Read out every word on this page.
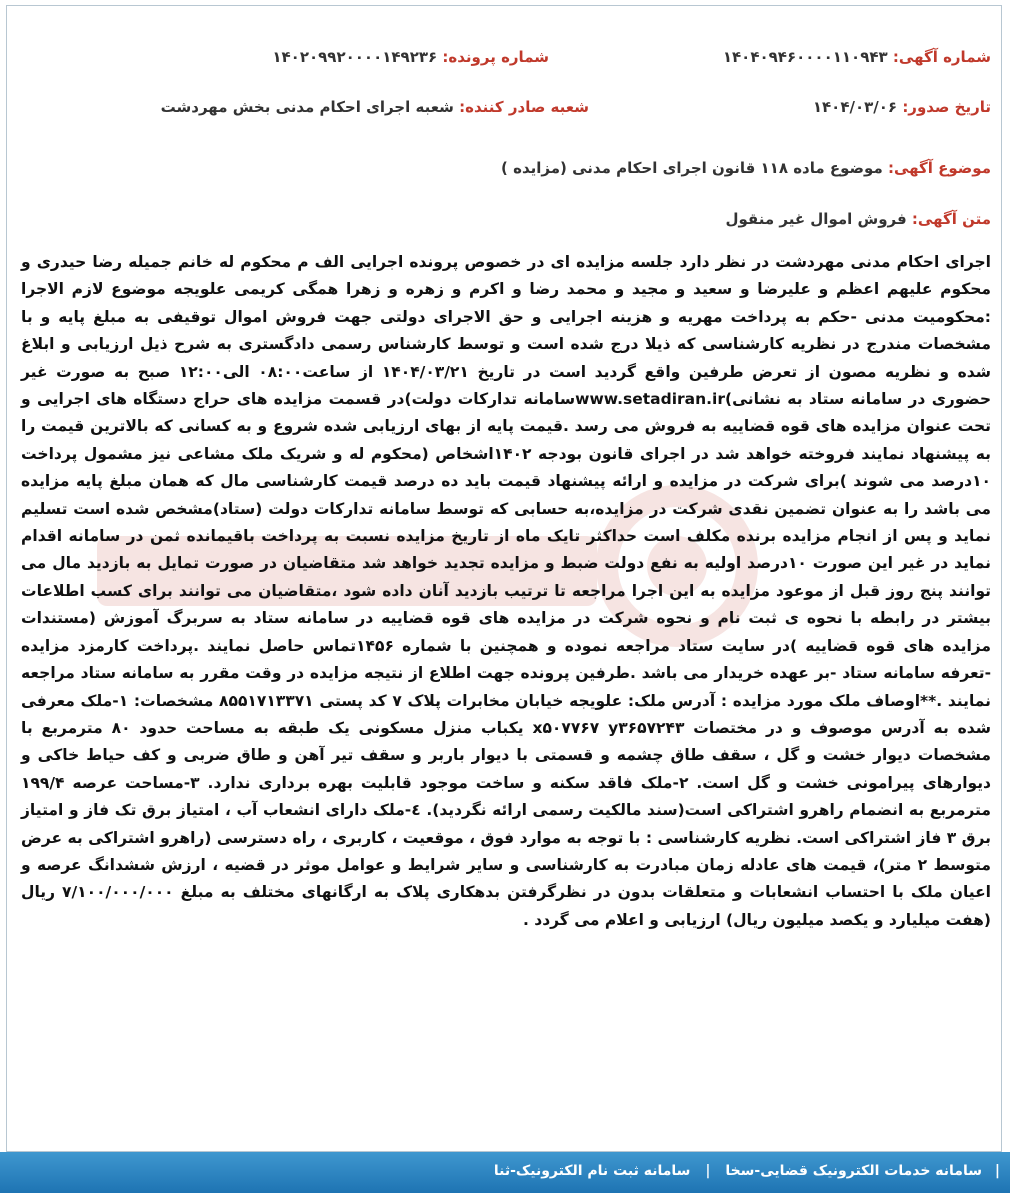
شماره آگهی: ۱۴۰۴۰۹۴۶۰۰۰۰۱۱۰۹۴۳
شماره پرونده: ۱۴۰۲۰۹۹۲۰۰۰۰۱۴۹۲۳۶
تاریخ صدور: ۱۴۰۴/۰۳/۰۶
شعبه صادر کننده: شعبه اجرای احکام مدنی بخش مهردشت
موضوع آگهی: موضوع ماده ۱۱۸ قانون اجرای احکام مدنی (مزایده )
متن آگهی: فروش اموال غیر منقول
اجرای احکام مدنی مهردشت در نظر دارد جلسه مزایده ای در خصوص پرونده اجرایی الف م محکوم له خانم جمیله رضا حیدری و محکوم علیهم اعظم و علیرضا و سعید و مجید و محمد رضا و اکرم و زهره و زهرا همگی کریمی علویجه موضوع لازم الاجرا :محکومیت مدنی -حکم به پرداخت مهریه و هزینه اجرایی و حق الاجرای دولتی جهت فروش اموال توقیفی به مبلغ پایه و با مشخصات مندرج در نظریه کارشناسی که ذیلا درج شده است و توسط کارشناس رسمی دادگستری به شرح ذیل ارزیابی و ابلاغ شده و نظریه مصون از تعرض طرفین واقع گردید است در تاریخ ۱۴۰۴/۰۳/۲۱ از ساعت۰۸:۰۰ الی۱۲:۰۰ صبح به صورت غیر حضوری در سامانه ستاد به نشانی)www.setadiran.irسامانه تدارکات دولت)در قسمت مزایده های حراج دستگاه های اجرایی و تحت عنوان مزایده های قوه قضاییه به فروش می رسد .قیمت پایه از بهای ارزیابی شده شروع و به کسانی که بالاترین قیمت را به پیشنهاد نمایند فروخته خواهد شد در اجرای قانون بودجه ۱۴۰۲اشخاص (محکوم له و شریک ملک مشاعی نیز مشمول پرداخت ۱۰درصد می شوند )برای شرکت در مزایده و ارائه پیشنهاد قیمت باید ده درصد قیمت کارشناسی مال که همان مبلغ پایه مزایده می باشد را به عنوان تضمین نقدی شرکت در مزایده،به حسابی که توسط سامانه تدارکات دولت (ستاد)مشخص شده است تسلیم نماید و پس از انجام مزایده برنده مکلف است حداکثر تایک ماه از تاریخ مزایده نسبت به پرداخت باقیمانده ثمن در سامانه اقدام نماید در غیر این صورت ۱۰درصد اولیه به نفع دولت ضبط و مزایده تجدید خواهد شد متقاضیان در صورت تمایل به بازدید مال می توانند پنج روز قبل از موعود مزایده به این اجرا مراجعه تا ترتیب بازدید آنان داده شود ،متقاضیان می توانند برای کسب اطلاعات بیشتر در رابطه با نحوه ی ثبت نام و نحوه شرکت در مزایده های قوه قضاییه در سامانه ستاد به سربرگ آموزش (مستندات مزایده های قوه قضاییه )در سایت ستاد مراجعه نموده و همچنین با شماره ۱۴۵۶تماس حاصل نمایند .پرداخت کارمزد مزایده -تعرفه سامانه ستاد -بر عهده خریدار می باشد .طرفین پرونده جهت اطلاع از نتیجه مزایده در وقت مقرر به سامانه ستاد مراجعه نمایند .**اوصاف ملک مورد مزایده : آدرس ملک: علویجه خیابان مخابرات پلاک ۷ کد پستی ۸۵۵۱۷۱۳۳۷۱ مشخصات: ۱-ملک معرفی شده به آدرس موصوف و در مختصات x۵۰۷۷۶۷ y۳۶۵۷۲۴۳ یکباب منزل مسکونی یک طبقه به مساحت حدود ۸۰ مترمربع با مشخصات دیوار خشت و گل ، سقف طاق چشمه و قسمتی با دیوار باربر و سقف تیر آهن و طاق ضربی و کف حیاط خاکی و دیوارهای پیرامونی خشت و گل است. ۲-ملک فاقد سکنه و ساخت موجود قابلیت بهره برداری ندارد. ۳-مساحت عرصه ۱۹۹/۴ مترمربع به انضمام راهرو اشتراکی است(سند مالکیت رسمی ارائه نگردید). ٤-ملک دارای انشعاب آب ، امتیاز برق تک فاز و امتیاز برق ۳ فاز اشتراکی است. نظریه کارشناسی : با توجه به موارد فوق ، موقعیت ، کاربری ، راه دسترسی (راهرو اشتراکی به عرض متوسط ۲ متر)، قیمت های عادله زمان مبادرت به کارشناسی و سایر شرایط و عوامل موثر در قضیه ، ارزش ششدانگ عرصه و اعیان ملک با احتساب انشعابات و متعلقات بدون در نظرگرفتن بدهکاری پلاک به ارگانهای مختلف به مبلغ ۷/۱۰۰/۰۰۰/۰۰۰ ریال (هفت میلیارد و یکصد میلیون ریال) ارزیابی و اعلام می گردد .
| سامانه خدمات الکترونیک قضایی-سخا | سامانه ثبت نام الکترونیک-ثنا
